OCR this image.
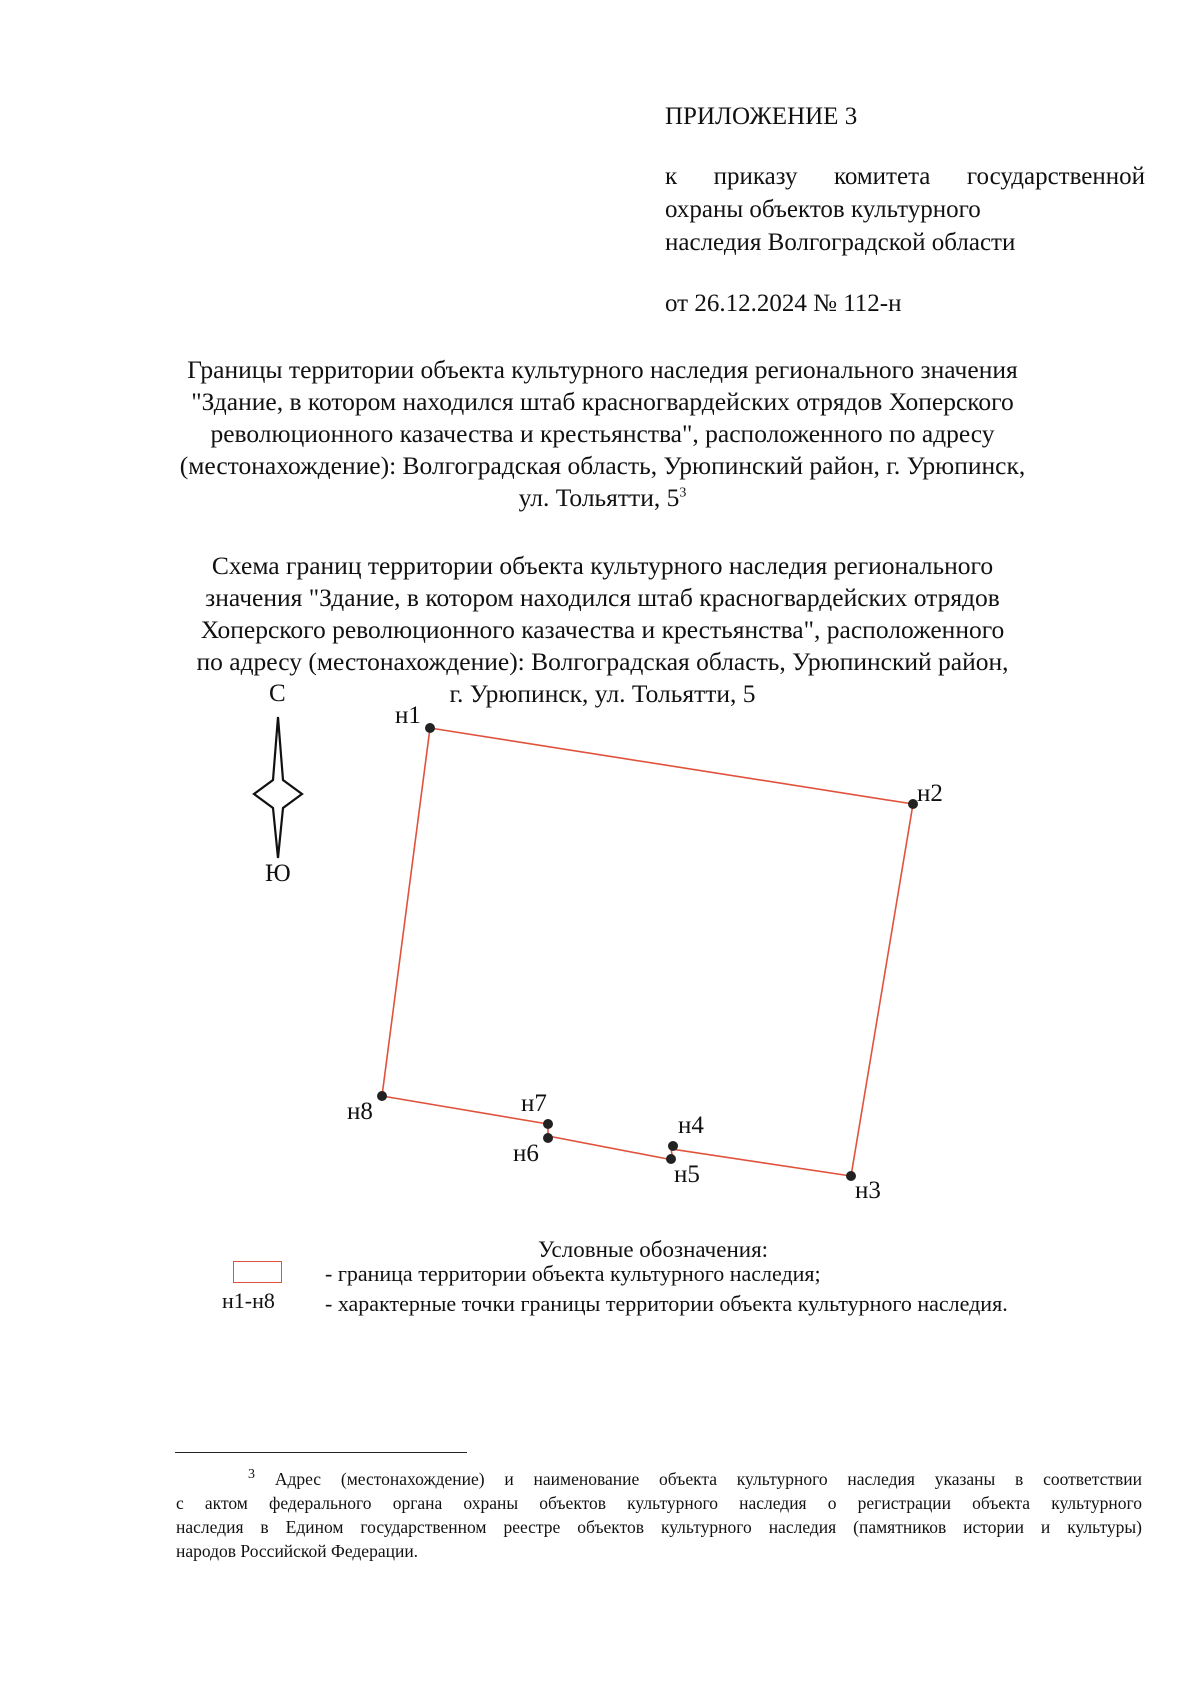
ПРИЛОЖЕНИЕ 3
к приказу комитета государственной
охраны объектов культурного
наследия Волгоградской области
от 26.12.2024 № 112-н
Границы территории объекта культурного наследия регионального значения
"Здание, в котором находился штаб красногвардейских отрядов Хоперского
революционного казачества и крестьянства", расположенного по адресу
(местонахождение): Волгоградская область, Урюпинский район, г. Урюпинск,
ул. Тольятти, $5^3$
Схема границ территории объекта культурного наследия регионального
значения "Здание, в котором находился штаб красногвардейских отрядов
Хоперского революционного казачества и крестьянства", расположенного
по адресу (местонахождение): Волгоградская область, Урюпинский район,
г. Урюпинск, ул. Тольятти, 5
С
Ю
н1
н2
н3
н4
н5
н6
н7
н8
Условные обозначения:
- граница территории объекта культурного наследия;
н1-н8 - характерные точки границы территории объекта культурного наследия.
$^3$ Адрес (местонахождение) и наименование объекта культурного наследия указаны в соответствии
с актом федерального органа охраны объектов культурного наследия о регистрации объекта культурного
наследия в Едином государственном реестре объектов культурного наследия (памятников истории и культуры)
народов Российской Федерации.
